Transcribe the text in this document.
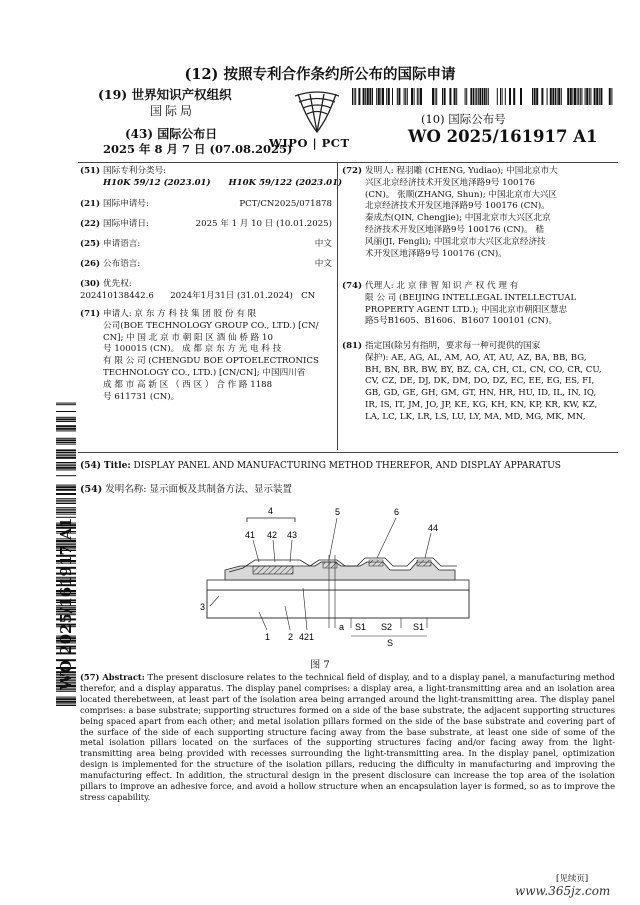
(12) 按照专利合作条约所公布的国际申请
(19) 世界知识产权组织
国际局
(43) 国际公布日
2025 年 8 月 7 日 (07.08.2025)
WIPO | PCT
(10) 国际公布号
WO 2025/161917 A1
(51) 国际专利分类号:
H10K 59/12 (2023.01)      H10K 59/122 (2023.01)
(21) 国际申请号:	PCT/CN2025/071878
(22) 国际申请日:	2025 年 1 月 10 日 (10.01.2025)
(25) 申请语言:	中文
(26) 公布语言:	中文
(30) 优先权:
202410138442.6      2024年1月31日 (31.01.2024)   CN
(71) 申请人: 京 东 方 科 技 集 团 股 份 有 限
公司(BOE TECHNOLOGY GROUP CO., LTD.) [CN/
CN]; 中 国 北 京 市 朝 阳 区 酒 仙 桥 路 10
号 100015 (CN)。 成 都 京 东 方 光 电 科 技
有 限 公 司 (CHENGDU BOE OPTOELECTRONICS
TECHNOLOGY CO., LTD.) [CN/CN]; 中国四川省
成 都 市 高 新 区 （ 西 区 ） 合 作 路 1188
号 611731 (CN)。
(72) 发明人: 程羽雕 (CHENG, Yudiao); 中国北京市大
兴区北京经济技术开发区地泽路9号 100176
(CN)。 张顺(ZHANG, Shun); 中国北京市大兴区
北京经济技术开发区地泽路9号 100176 (CN)。
秦成杰(QIN, Chengjie); 中国北京市大兴区北京
经济技术开发区地泽路9号 100176 (CN)。 嵇
风丽(JI, Fengli); 中国北京市大兴区北京经济技
术开发区地泽路9号 100176 (CN)。
(74) 代理人: 北 京 律 智 知 识 产 权 代 理 有
限 公 司 (BEIJING INTELLEGAL INTELLECTUAL
PROPERTY AGENT LTD.); 中国北京市朝阳区慧忠
路5号B1605、B1606、B1607 100101 (CN)。
(81) 指定国(除另有指明，要求每一种可提供的国家
保护): AE, AG, AL, AM, AO, AT, AU, AZ, BA, BB, BG,
BH, BN, BR, BW, BY, BZ, CA, CH, CL, CN, CO, CR, CU,
CV, CZ, DE, DJ, DK, DM, DO, DZ, EC, EE, EG, ES, FI,
GB, GD, GE, GH, GM, GT, HN, HR, HU, ID, IL, IN, IQ,
IR, IS, IT, JM, JO, JP, KE, KG, KH, KN, KP, KR, KW, KZ,
LA, LC, LK, LR, LS, LU, LY, MA, MD, MG, MK, MN,
WO 2025/161917 A1
(54) Title: DISPLAY PANEL AND MANUFACTURING METHOD THEREFOR, AND DISPLAY APPARATUS
(54) 发明名称: 显示面板及其制备方法、显示装置
4
41 42 43
5	6
44
3
1 2 421
a S1 S2 S1
S
图 7
(57) Abstract: The present disclosure relates to the technical field of display, and to a display panel, a manufacturing method therefor, and a display apparatus. The display panel comprises: a display area, a light-transmitting area and an isolation area located therebetween, at least part of the isolation area being arranged around the light-transmitting area. The display panel comprises: a base substrate; supporting structures formed on a side of the base substrate, the adjacent supporting structures being spaced apart from each other; and metal isolation pillars formed on the side of the base substrate and covering part of the surface of the side of each supporting structure facing away from the base substrate, at least one side of some of the metal isolation pillars located on the surfaces of the supporting structures facing and/or facing away from the light-transmitting area being provided with recesses surrounding the light-transmitting area. In the display panel, optimization design is implemented for the structure of the isolation pillars, reducing the difficulty in manufacturing and improving the manufacturing effect. In addition, the structural design in the present disclosure can increase the top area of the isolation pillars to improve an adhesive force, and avoid a hollow structure when an encapsulation layer is formed, so as to improve the stress capability.
[见续页]
www.365jz.com
